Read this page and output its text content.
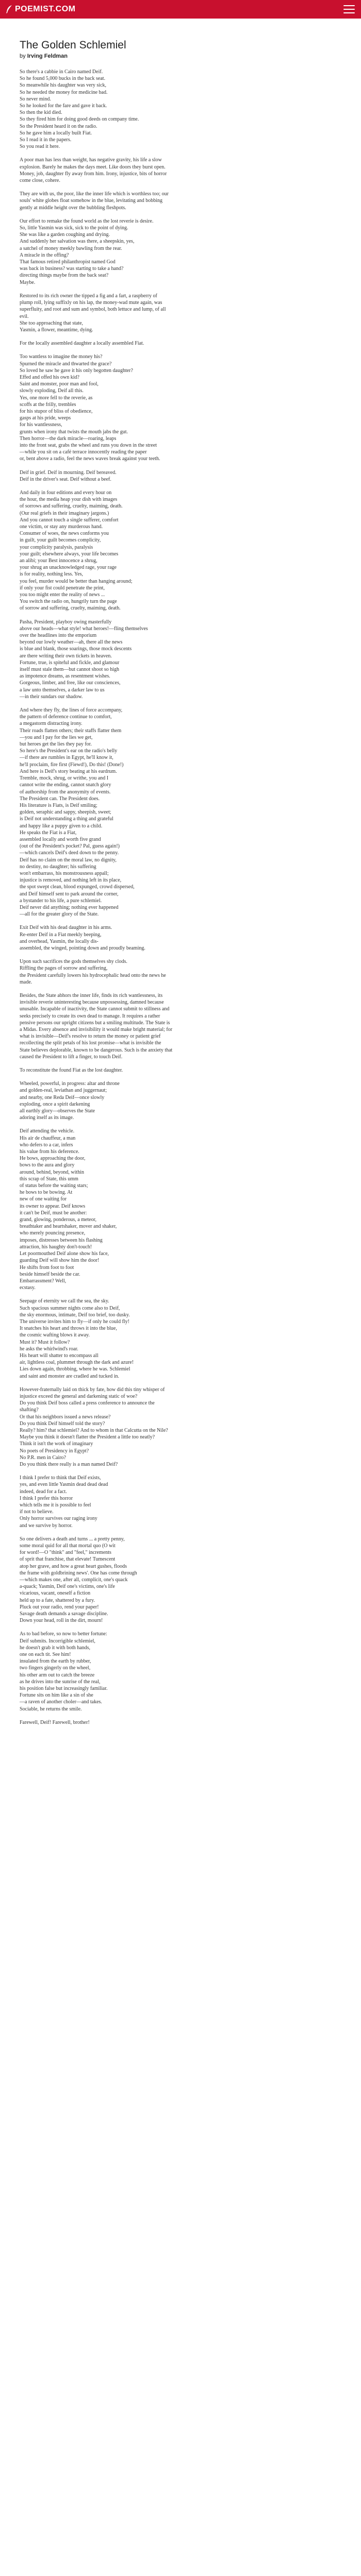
POEMIST.COM
The Golden Schlemiel
by Irving Feldman
So there's a cabbie in Cairo named Deif.
So he found 5,000 bucks in the back seat.
So meanwhile his daughter was very sick,
So he needed the money for medicine bad.
So never mind.
So he looked for the fare and gave it back.
So then the kid died.
So they fired him for doing good deeds on company time.
So the President heard it on the radio.
So he gave him a locally built Fiat.
So I read it in the papers.
So you read it here.
A poor man has less than weight, has negative gravity, his life a slow
explosion. Barely he makes the days meet. Like doors they burst open.
Money, job, daughter fly away from him. Irony, injustice, bits of horror
come close, cohere.
They are with us, the poor, like the inner life which is worthless too; our
souls' white globes float somehow in the blue, levitating and bobbing
gently at middle height over the bubbling fleshpots.
Our effort to remake the found world as the lost reverie is desire.
So, little Yasmin was sick, sick to the point of dying.
She was like a garden coughing and drying.
And suddenly her salvation was there, a sheepskin, yes,
a satchel of money meekly bawling from the rear.
A miracle in the offing?
That famous retired philanthropist named God
was back in business? was starting to take a hand?
directing things maybe from the back seat?
Maybe.
Restored to its rich owner the tipped a fig and a fart, a raspberry of
plump roll, lying suffixly on his lap, the money-wad mute again, was
superfluity, and root and sum and symbol, both lettuce and lump, of all
evil.
She too approaching that state,
Yasmin, a flower, meantime, dying.
For the locally assembled daughter a locally assembled Fiat.
Too wantless to imagine the money his?
Spurned the miracle and thwarted the grace?
So loved he saw he gave it his only begotten daughter?
Effed and offed his own kid?
Saint and monster, poor man and fool,
slowly exploding, Deif all this.
Yes, one more fell to the reverie, as
scoffs at the frilly, trembles
for his stupor of bliss of obedience,
gasps at his pride, weeps
for his wantlessness,
grunts when irony that twists the mouth jabs the gut.
Then horror—the dark miracle—roaring, leaps
into the front seat, grabs the wheel and runs you down in the street
—while you sit on a café terrace innocently reading the paper
or, bent above a radio, feel the news waves break against your teeth.
Deif in grief. Deif in mourning. Deif bereaved.
Deif in the driver's seat. Deif without a beef.
And daily in four editions and every hour on
the hour, the media heap your dish with images
of sorrows and suffering, cruelty, maiming, death.
(Our real griefs in their imaginary jargons.)
And you cannot touch a single sufferer, comfort
one victim, or stay any murderous hand.
Consumer of woes, the news conforms you
in guilt, your guilt becomes complicity,
your complicity paralysis, paralysis
your guilt; elsewhere always, your life becomes
an alibi; your Best innocence a shrug,
your shrug an unacknowledged rage, your rage
is for reality, nothing less. Yes,
you feel, murder would be better than hanging around;
if only your fist could penetrate the print,
you too might enter the reality of news ...
You switch the radio on, hungrily turn the page
of sorrow and suffering, cruelty, maiming, death.
Pasha, President, playboy owing masterfully
above our heads—what style! what heroes!—fling themselves
over the headlines into the emporium
beyond our lowly weather—ah, there all the news
is blue and blank, those soarings, those mock descents
are there writing their own tickets in heaven.
Fortune, true, is spiteful and fickle, and glamour
itself must stale them—but cannot shoot so high
as impotence dreams, as resentment wishes.
Gorgeous, limber, and free, like our consciences,
a law unto themselves, a darker law to us
—in their sundars our shadow.
And where they fly, the lines of force accompany,
the pattern of deference continue to comfort,
a megastorm distracting irony.
Their roads flatten others; their staffs flatter them
—you and I pay for the lies we get,
but heroes get the lies they pay for.
So here's the President's ear on the radio's belly
—if there are rumbles in Egypt, he'll know it,
he'll proclaim, fire first (Fiewd!), Do this! (Done!)
And here is Deif's story beating at his eardrum.
Tremble, mock, shrug, or writhe, you and I
cannot write the ending, cannot snatch glory
of authorship from the anonymity of events.
The President can. The President does.
His literature is Fiats, is Deif smiling;
golden, seraphic and sappy, sheepish, sweet;
is Deif not understanding a thing and grateful
and happy like a puppy given to a child.
He speaks the Fiat is a Fiat,
assembled locally and worth five grand
(out of the President's pocket? Pal, guess again!)
—which cancels Deif's deed down to the penny.
Deif has no claim on the moral law, no dignity,
no destiny, no daughter; his suffering
won't embarrass, his monstrousness appall;
injustice is removed, and nothing left in its place,
the spot swept clean, blood expunged, crowd dispersed,
and Deif himself sent to park around the corner,
a bystander to his life, a pure schlemiel.
Deif never did anything; nothing ever happened
—all for the greater glory of the State.
Exit Deif with his dead daughter in his arms.
Re-enter Deif in a Fiat meekly beeping,
and overhead, Yasmin, the locally dis-
assembled, the winged, pointing down and proudly beaming.
Upon such sacrifices the gods themselves shy clods.
Riffling the pages of sorrow and suffering,
the President carefully lowers his hydrocephalic head onto the news he
made.
Besides, the State abhors the inner life, finds its rich wantlessness, its
invisible reverie uninteresting because unpossessing, damned because
unusable. Incapable of inactivity, the State cannot submit to stillness and
seeks precisely to create its own dead to manage. It requires a rather
pensive persons our upright citizens but a smiling multitude. The State is
a Midas. Every absence and invisibility it would make bright material; for
what is invisible—Deif's resolve to return the money or patient grief
recollecting the split petals of his lost promise—what is invisible the
State believes deplorable, known to be dangerous. Such is the anxiety that
caused the President to lift a finger, to touch Deif.
To reconstitute the found Fiat as the lost daughter.
Wheeled, powerful, in progress: altar and throne
and golden-real, leviathan and juggernaut;
and nearby, one Reda Deif—once slowly
exploding, once a spirit darkening
all earthly glory—observes the State
adoring itself as its image.
Deif attending the vehicle.
His air de chauffeur, a man
who defers to a car, infers
his value from his deference.
He bows, approaching the door,
bows to the aura and glory
around, behind, beyond, within
this scrap of State, this umm
of status before the waiting stars;
he bows to be bowing. At
new of one waiting for
its owner to appear. Deif knows
it can't be Deif, must be another:
grand, glowing, ponderous, a meteor,
breathtaker and heartshaker, mover and shaker,
who merely pouncing presence,
imposes, distresses between his flashing
attraction, his haughty don't-touch!
Let poormouthed Deif alone show his face,
guarding Deif will show him the door!
He shifts from foot to foot
beside himself beside the car.
Embarrassment? Well,
ecstasy.
Seepage of eternity we call the sea, the sky.
Such spacious summer nights come also to Deif,
the sky enormous, intimate, Deif too brief, too dusky.
The universe invites him to fly—if only he could fly!
It snatches his heart and throws it into the blue,
the cosmic wafting blows it away.
Must it? Must it follow?
he asks the whirlwind's roar.
His heart will shatter to encompass all
air, lightless coal, plummet through the dark and azure!
Lies down again, throbbing, where he was. Schlemiel
and saint and monster are cradled and tucked in.
However-fraternally laid on thick by fate, how did this tiny whisper of
injustice exceed the general and darkening static of woe?
Do you think Deif boss called a press conference to announce the
shafting?
Or that his neighbors issued a news release?
Do you think Deif himself told the story?
Really? him? that schlemiel? And to whom in that Calcutta on the Nile?
Maybe you think it doesn't flatter the President a little too neatly?
Think it isn't the work of imaginary
No poets of Presidency in Egypt?
No P.R. men in Cairo?
Do you think there really is a man named Deif?
I think I prefer to think that Deif exists,
yes, and even little Yasmin dead dead dead
indeed, dead for a fact.
I think I prefer this horror
which tells me it is possible to feel
if not to believe.
Only horror survives our raging irony
and we survive by horror.
So one delivers a death and turns ... a pretty penny,
some moral quid for all that mortal quo (O wit
for word!—O "think" and "feel," increments
of sprit that franchise, that elevate! Tumescent
atop her grave, and how a great heart gushes, floods
the frame with goldbrining news'. One has come through
—which makes one, after all, complicit, one's quack
a-quack; Yasmin, Deif one's victims, one's life
vicarious, vacant, oneself a fiction
held up to a fate, shattered by a fury.
Pluck out your radio, rend your paper!
Savage death demands a savage discipline.
Down your head, roll in the dirt, mourn!
As to bad before, so now to better fortune:
Deif submits. Incorrigible schlemiel,
he doesn't grab it with both hands,
one on each tit. See him!
insulated from the earth by rubber,
two fingers gingerly on the wheel,
his other arm out to catch the breeze
as he drives into the sunrise of the real,
his position false but increasingly familiar.
Fortune sits on him like a sin of she
—a raven of another choler—and takes.
Sociable, he returns the smile.
Farewell, Deif! Farewell, brother!
